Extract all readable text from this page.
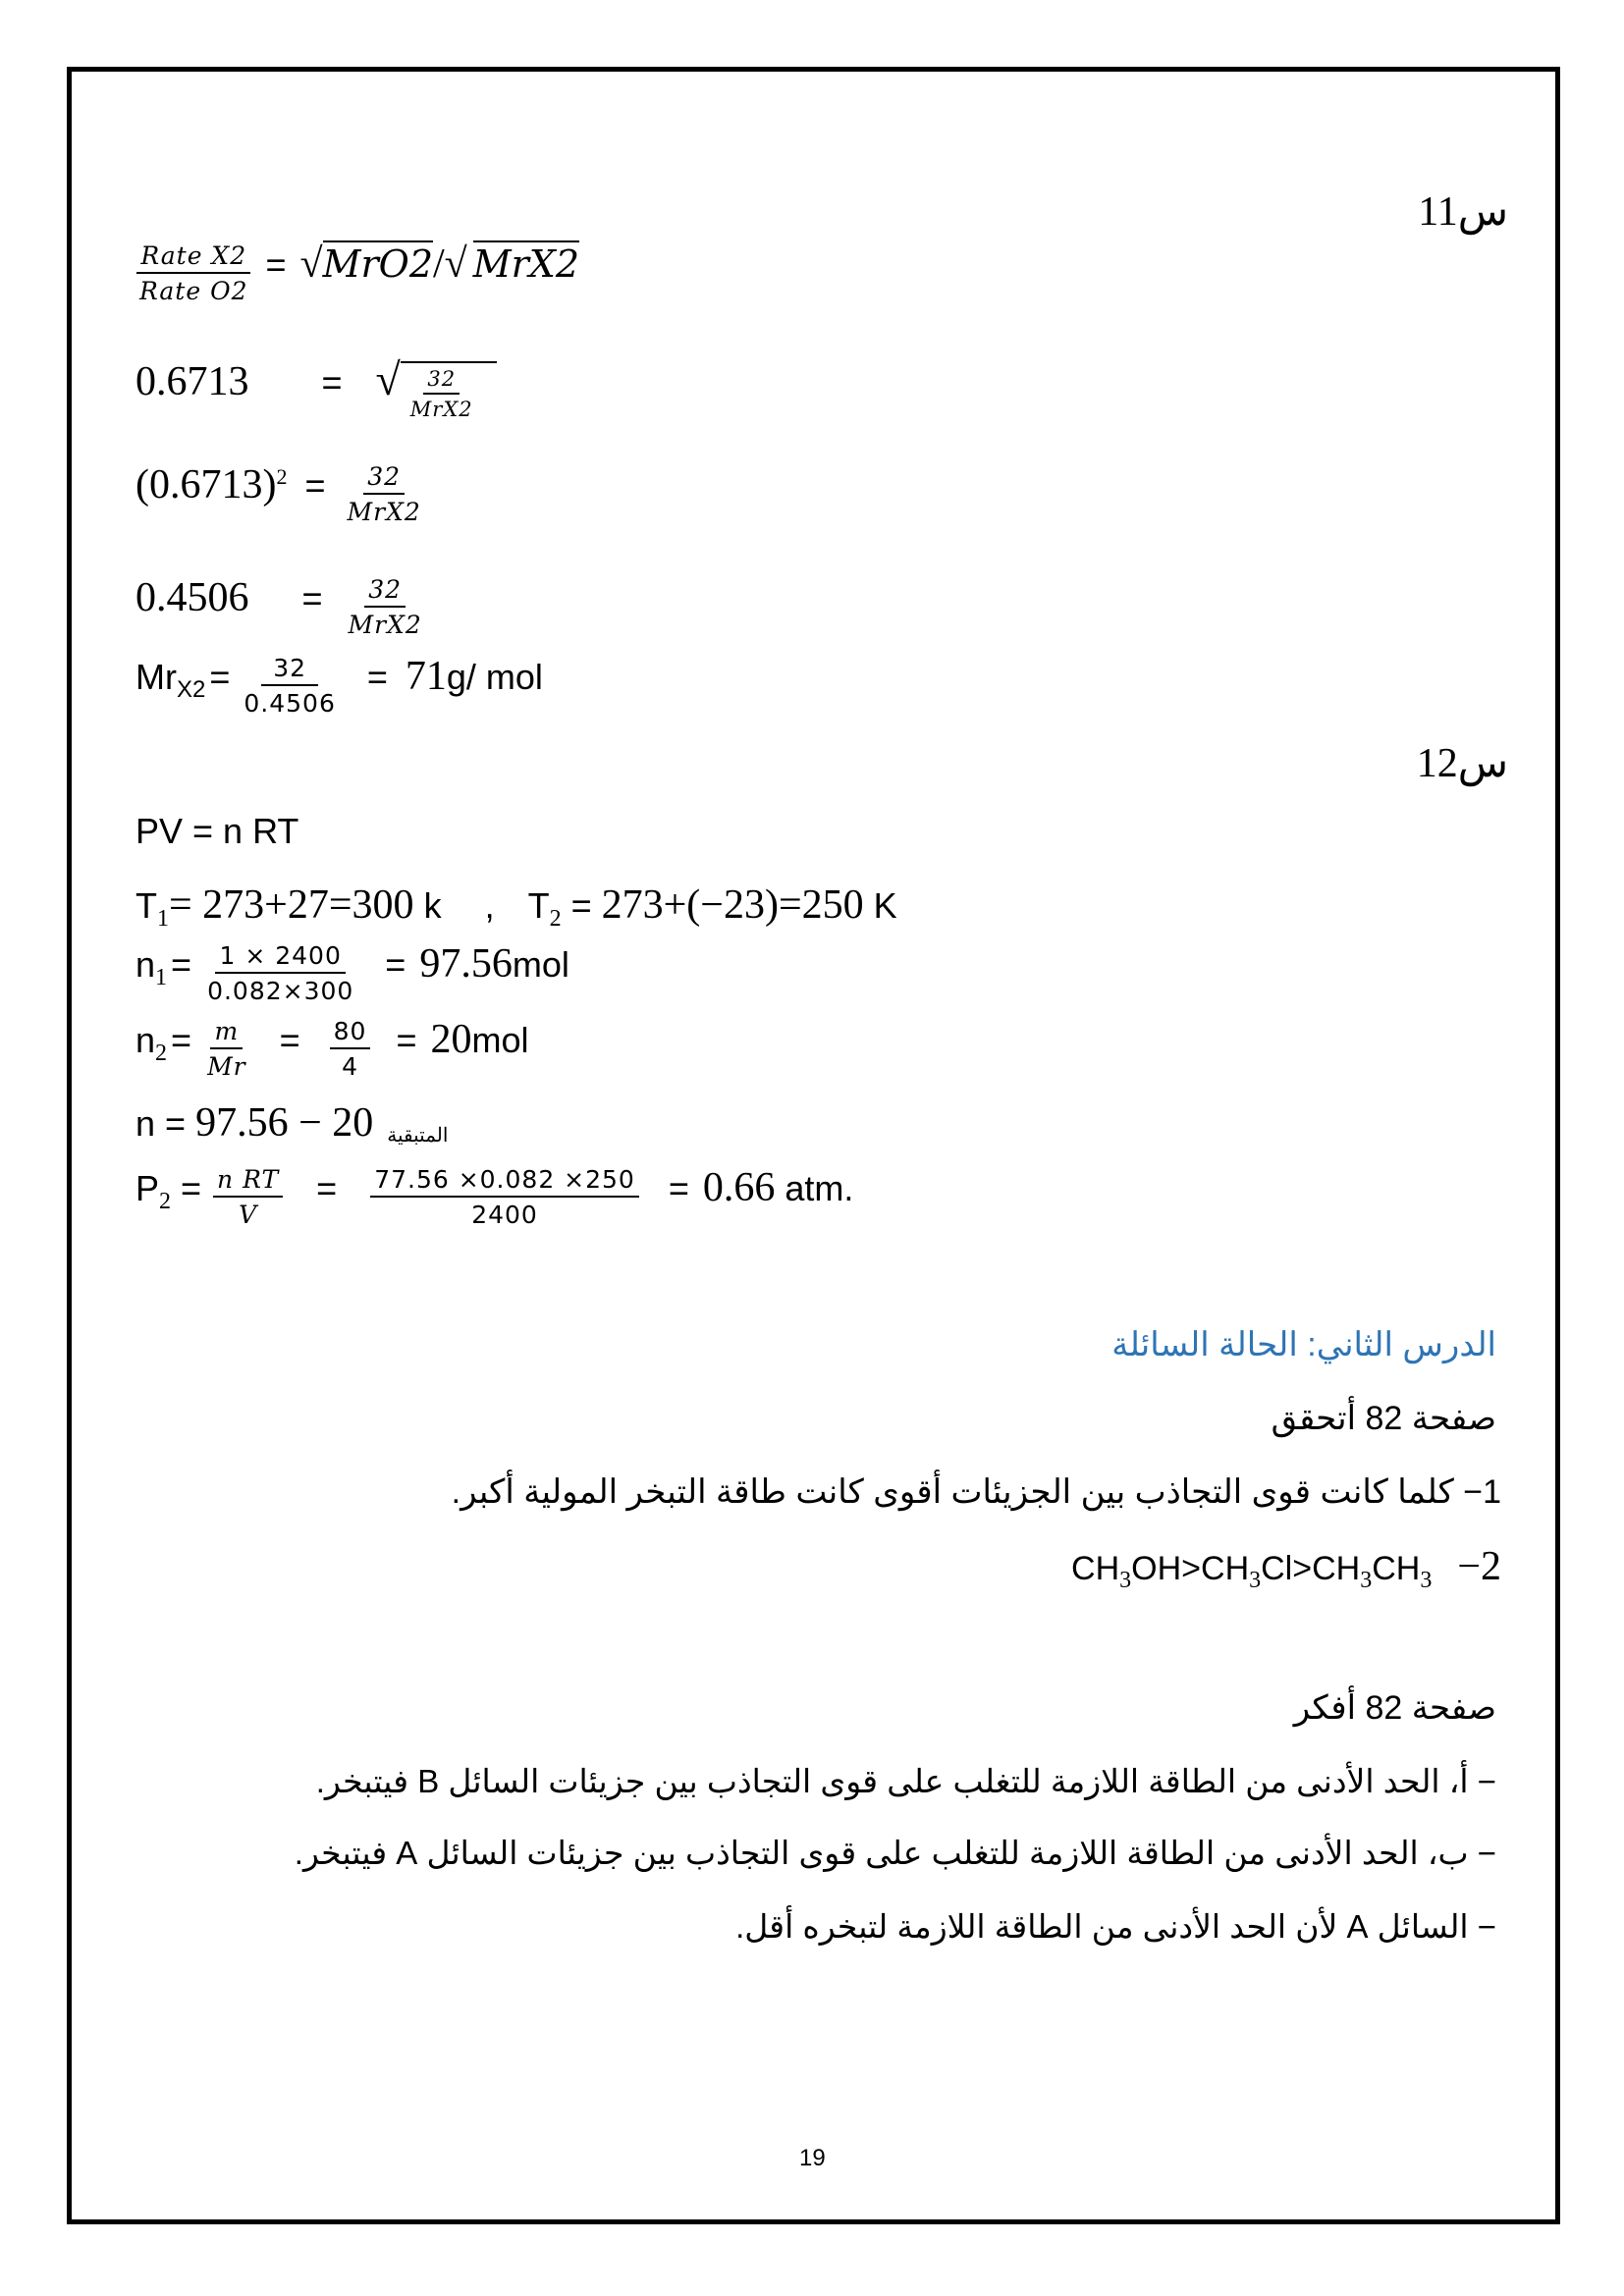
س11
$\frac{\text{Rate X2}}{\text{Rate O2}} = √MrO2/√$ MrX2
0.6713 = √ $\frac{32}{\text{MrX2}}$
$(0.6713)^2 = \frac{32}{\text{MrX2}}$
$0.4506 = \frac{32}{\text{MrX2}}$
$Mr_{X2} = \frac{32}{0.4506} = 71g/$ mol
س12
PV = n RT
$T_1= 273+27=300$ k , $T_2 = 273+(-23)=250$ K
$n_1 = \frac{1 \times 2400}{0.082\times 300} = 97.56mol$
$n_2 = \frac{m}{Mr} = \frac{80}{4} = 20mol$
n = 97.56 − 20 المتبقية
$P_2 = \frac{\text{n RT}}{V} = \frac{77.56 \times 0.082 \times 250}{2400} = 0.66$ atm.
الدرس الثاني: الحالة السائلة
صفحة 82 أتحقق
1− كلما كانت قوى التجاذب بين الجزيئات أقوى كانت طاقة التبخر المولية أكبر.
$CH_3OH>CH_3Cl>CH_3CH_3$ 2−
صفحة 82 أفكر
− أ، الحد الأدنى من الطاقة اللازمة للتغلب على قوى التجاذب بين جزيئات السائل B فيتبخر.
− ب، الحد الأدنى من الطاقة اللازمة للتغلب على قوى التجاذب بين جزيئات السائل A فيتبخر.
− السائل A لأن الحد الأدنى من الطاقة اللازمة لتبخره أقل.
19
